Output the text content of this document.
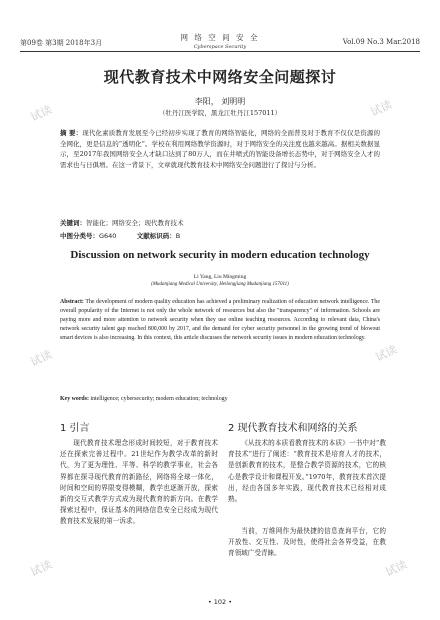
第09卷 第3期 2018年3月
网 络 空 间 安 全
Cyberspace Security
Vol.09 No.3 Mar.2018
试读	试读
试读	试读
试读	试读
现代教育技术中网络安全问题探讨
李阳， 刘明明
（牡丹江医学院，黑龙江牡丹江157011）
摘 要：现代化素质教育发展至今已经初步实现了教育的网络智能化，网络的全面普及对于教育不仅仅是资源的全网化，更是信息的“透明化”。学校在利用网络教学资源时，对于网络安全的关注度也越来越高。据相关数据显示，至2017年我国网络安全人才缺口达到了80万人，而在井喷式的智能设备增长态势中，对于网络安全人才的需求也与日俱增。在这一背景下，文章就现代教育技术中网络安全问题进行了探讨与分析。
关键词：智能化；网络安全；现代教育技术
中图分类号：G640	文献标识码：B
Discussion on network security in modern education technology
Li Yang, Liu Mingming
(Mudanjiang Medical University, Heilongjiang Mudanjiang 157011)
Abstract: The development of modern quality education has achieved a preliminary realization of education network intelligence. The overall popularity of the Internet is not only the whole network of resources but also the "transparency" of information. Schools are paying more and more attention to network security when they use online teaching resources. According to relevant data, China's network security talent gap reached 800,000 by 2017, and the demand for cyber security personnel in the growing trend of blowout smart devices is also increasing. In this context, this article discusses the network security issues in modern education technology.
Key words: intelligence; cybersecurity; modern education; technology
1 引言
现代教育技术理念形成时间较短，对于教育技术还在探索完善过程中。21世纪作为教学改革的新时代，为了更为理性、平等、科学的教学事业，社会各界都在探寻现代教育的新路径，网络将全球一体化，时间和空间的界限变得模糊，教学也逐渐开放，探索新的交互式教学方式成为现代教育的新方向。在教学探索过程中，保证基本的网络信息安全已经成为现代教育技术发展的第一诉求。
2 现代教育技术和网络的关系
《从技术的本质看教育技术的本质》一书中对“教育技术”进行了阐述：“教育技术是培育人才的技术，是创新教育的技术，是整合教学资源的技术，它的核心是教学设计和课程开发。”1970年，教育技术首次提出，经由各国多年实践，现代教育技术已经相对成熟。
当前，万维网作为最快捷的信息查询平台，它的开放性、交互性、及时性，使得社会各界受益，在教育领域广受青睐。
• 102 •
